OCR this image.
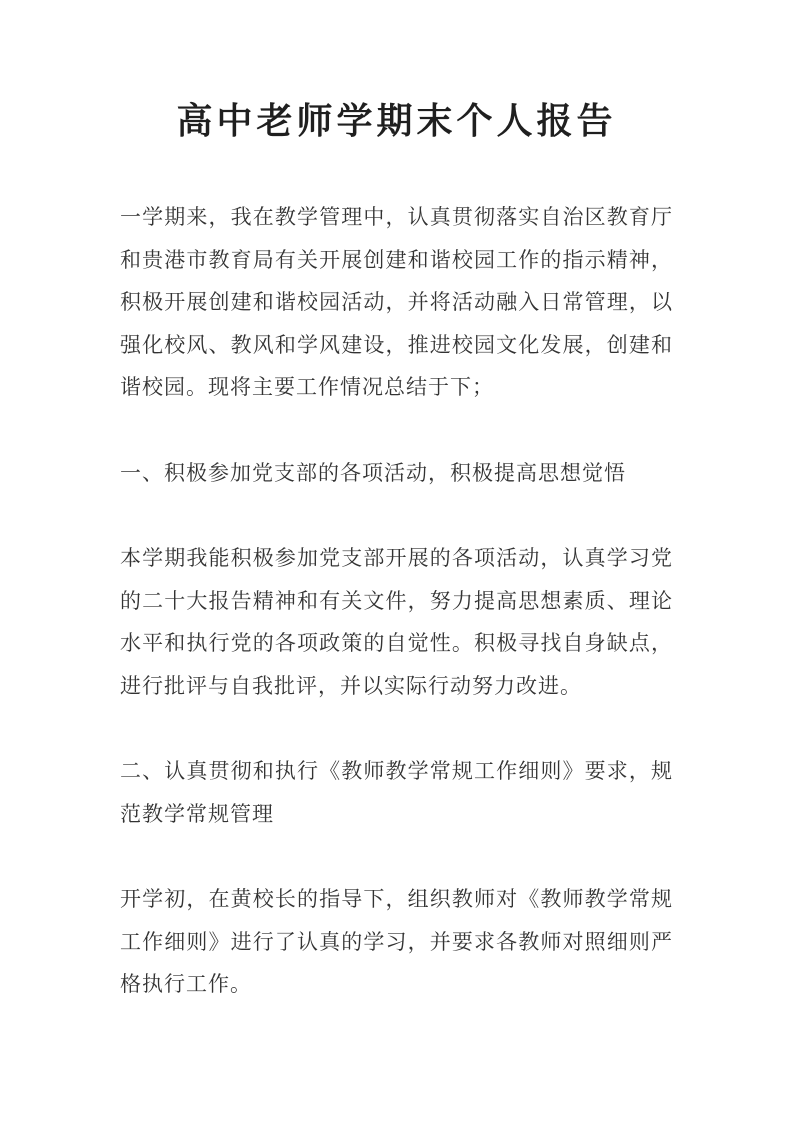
高中老师学期末个人报告

一学期来，我在教学管理中，认真贯彻落实自治区教育厅和贵港市教育局有关开展创建和谐校园工作的指示精神，积极开展创建和谐校园活动，并将活动融入日常管理，以强化校风、教风和学风建设，推进校园文化发展，创建和谐校园。现将主要工作情况总结于下；

一、积极参加党支部的各项活动，积极提高思想觉悟

本学期我能积极参加党支部开展的各项活动，认真学习党的二十大报告精神和有关文件，努力提高思想素质、理论水平和执行党的各项政策的自觉性。积极寻找自身缺点，进行批评与自我批评，并以实际行动努力改进。

二、认真贯彻和执行《教师教学常规工作细则》要求，规范教学常规管理

开学初，在黄校长的指导下，组织教师对《教师教学常规工作细则》进行了认真的学习，并要求各教师对照细则严格执行工作。
